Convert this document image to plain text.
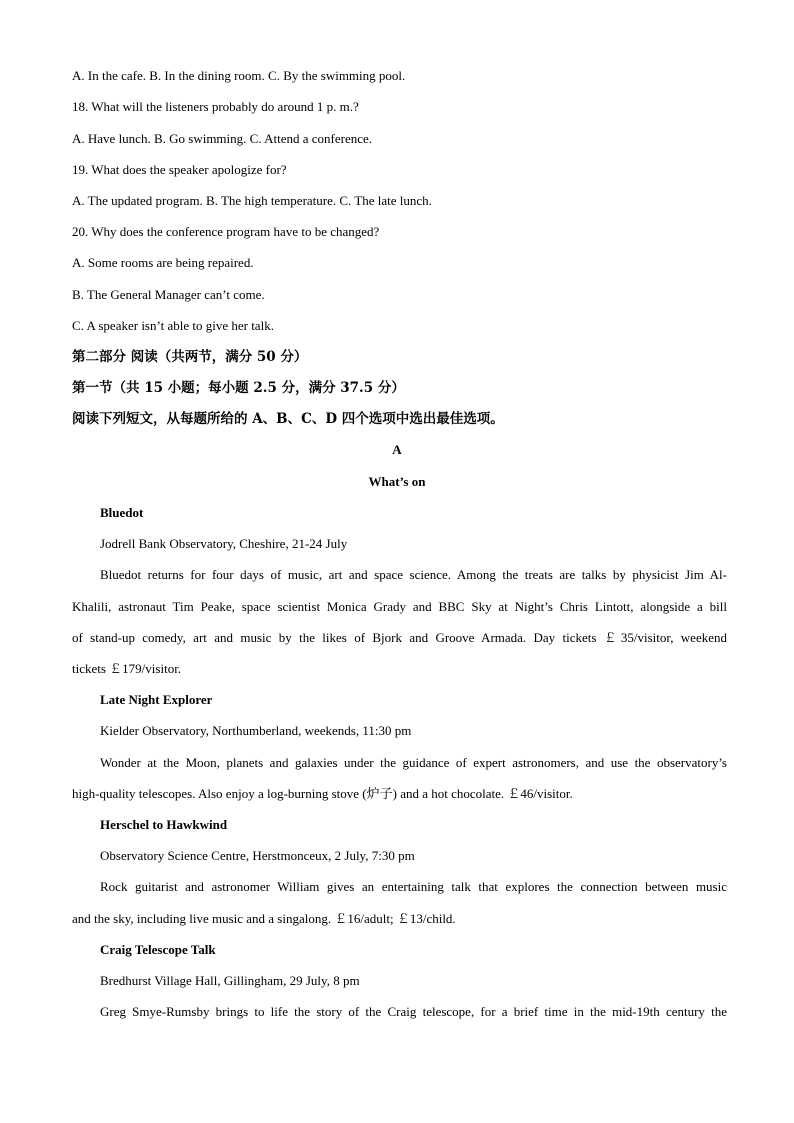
A. In the cafe. B. In the dining room. C. By the swimming pool.
18. What will the listeners probably do around 1 p. m.?
A. Have lunch. B. Go swimming. C. Attend a conference.
19. What does the speaker apologize for?
A. The updated program. B. The high temperature. C. The late lunch.
20. Why does the conference program have to be changed?
A. Some rooms are being repaired.
B. The General Manager can’t come.
C. A speaker isn’t able to give her talk.
第二部分 阅读（共两节，满分 50 分）
第一节（共 15 小题；每小题 2.5 分，满分 37.5 分）
阅读下列短文，从每题所给的 A、B、C、D 四个选项中选出最佳选项。
A
What’s on
Bluedot
Jodrell Bank Observatory, Cheshire, 21-24 July
Bluedot returns for four days of music, art and space science. Among the treats are talks by physicist Jim Al-
Khalili, astronaut Tim Peake, space scientist Monica Grady and BBC Sky at Night’s Chris Lintott, alongside a bill
of stand-up comedy, art and music by the likes of Bjork and Groove Armada. Day tickets ￡35/visitor, weekend
tickets ￡179/visitor.
Late Night Explorer
Kielder Observatory, Northumberland, weekends, 11:30 pm
Wonder at the Moon, planets and galaxies under the guidance of expert astronomers, and use the observatory’s
high-quality telescopes. Also enjoy a log-burning stove (炉子) and a hot chocolate. ￡46/visitor.
Herschel to Hawkwind
Observatory Science Centre, Herstmonceux, 2 July, 7:30 pm
Rock guitarist and astronomer William gives an entertaining talk that explores the connection between music
and the sky, including live music and a singalong. ￡16/adult; ￡13/child.
Craig Telescope Talk
Bredhurst Village Hall, Gillingham, 29 July, 8 pm
Greg Smye-Rumsby brings to life the story of the Craig telescope, for a brief time in the mid-19th century the
